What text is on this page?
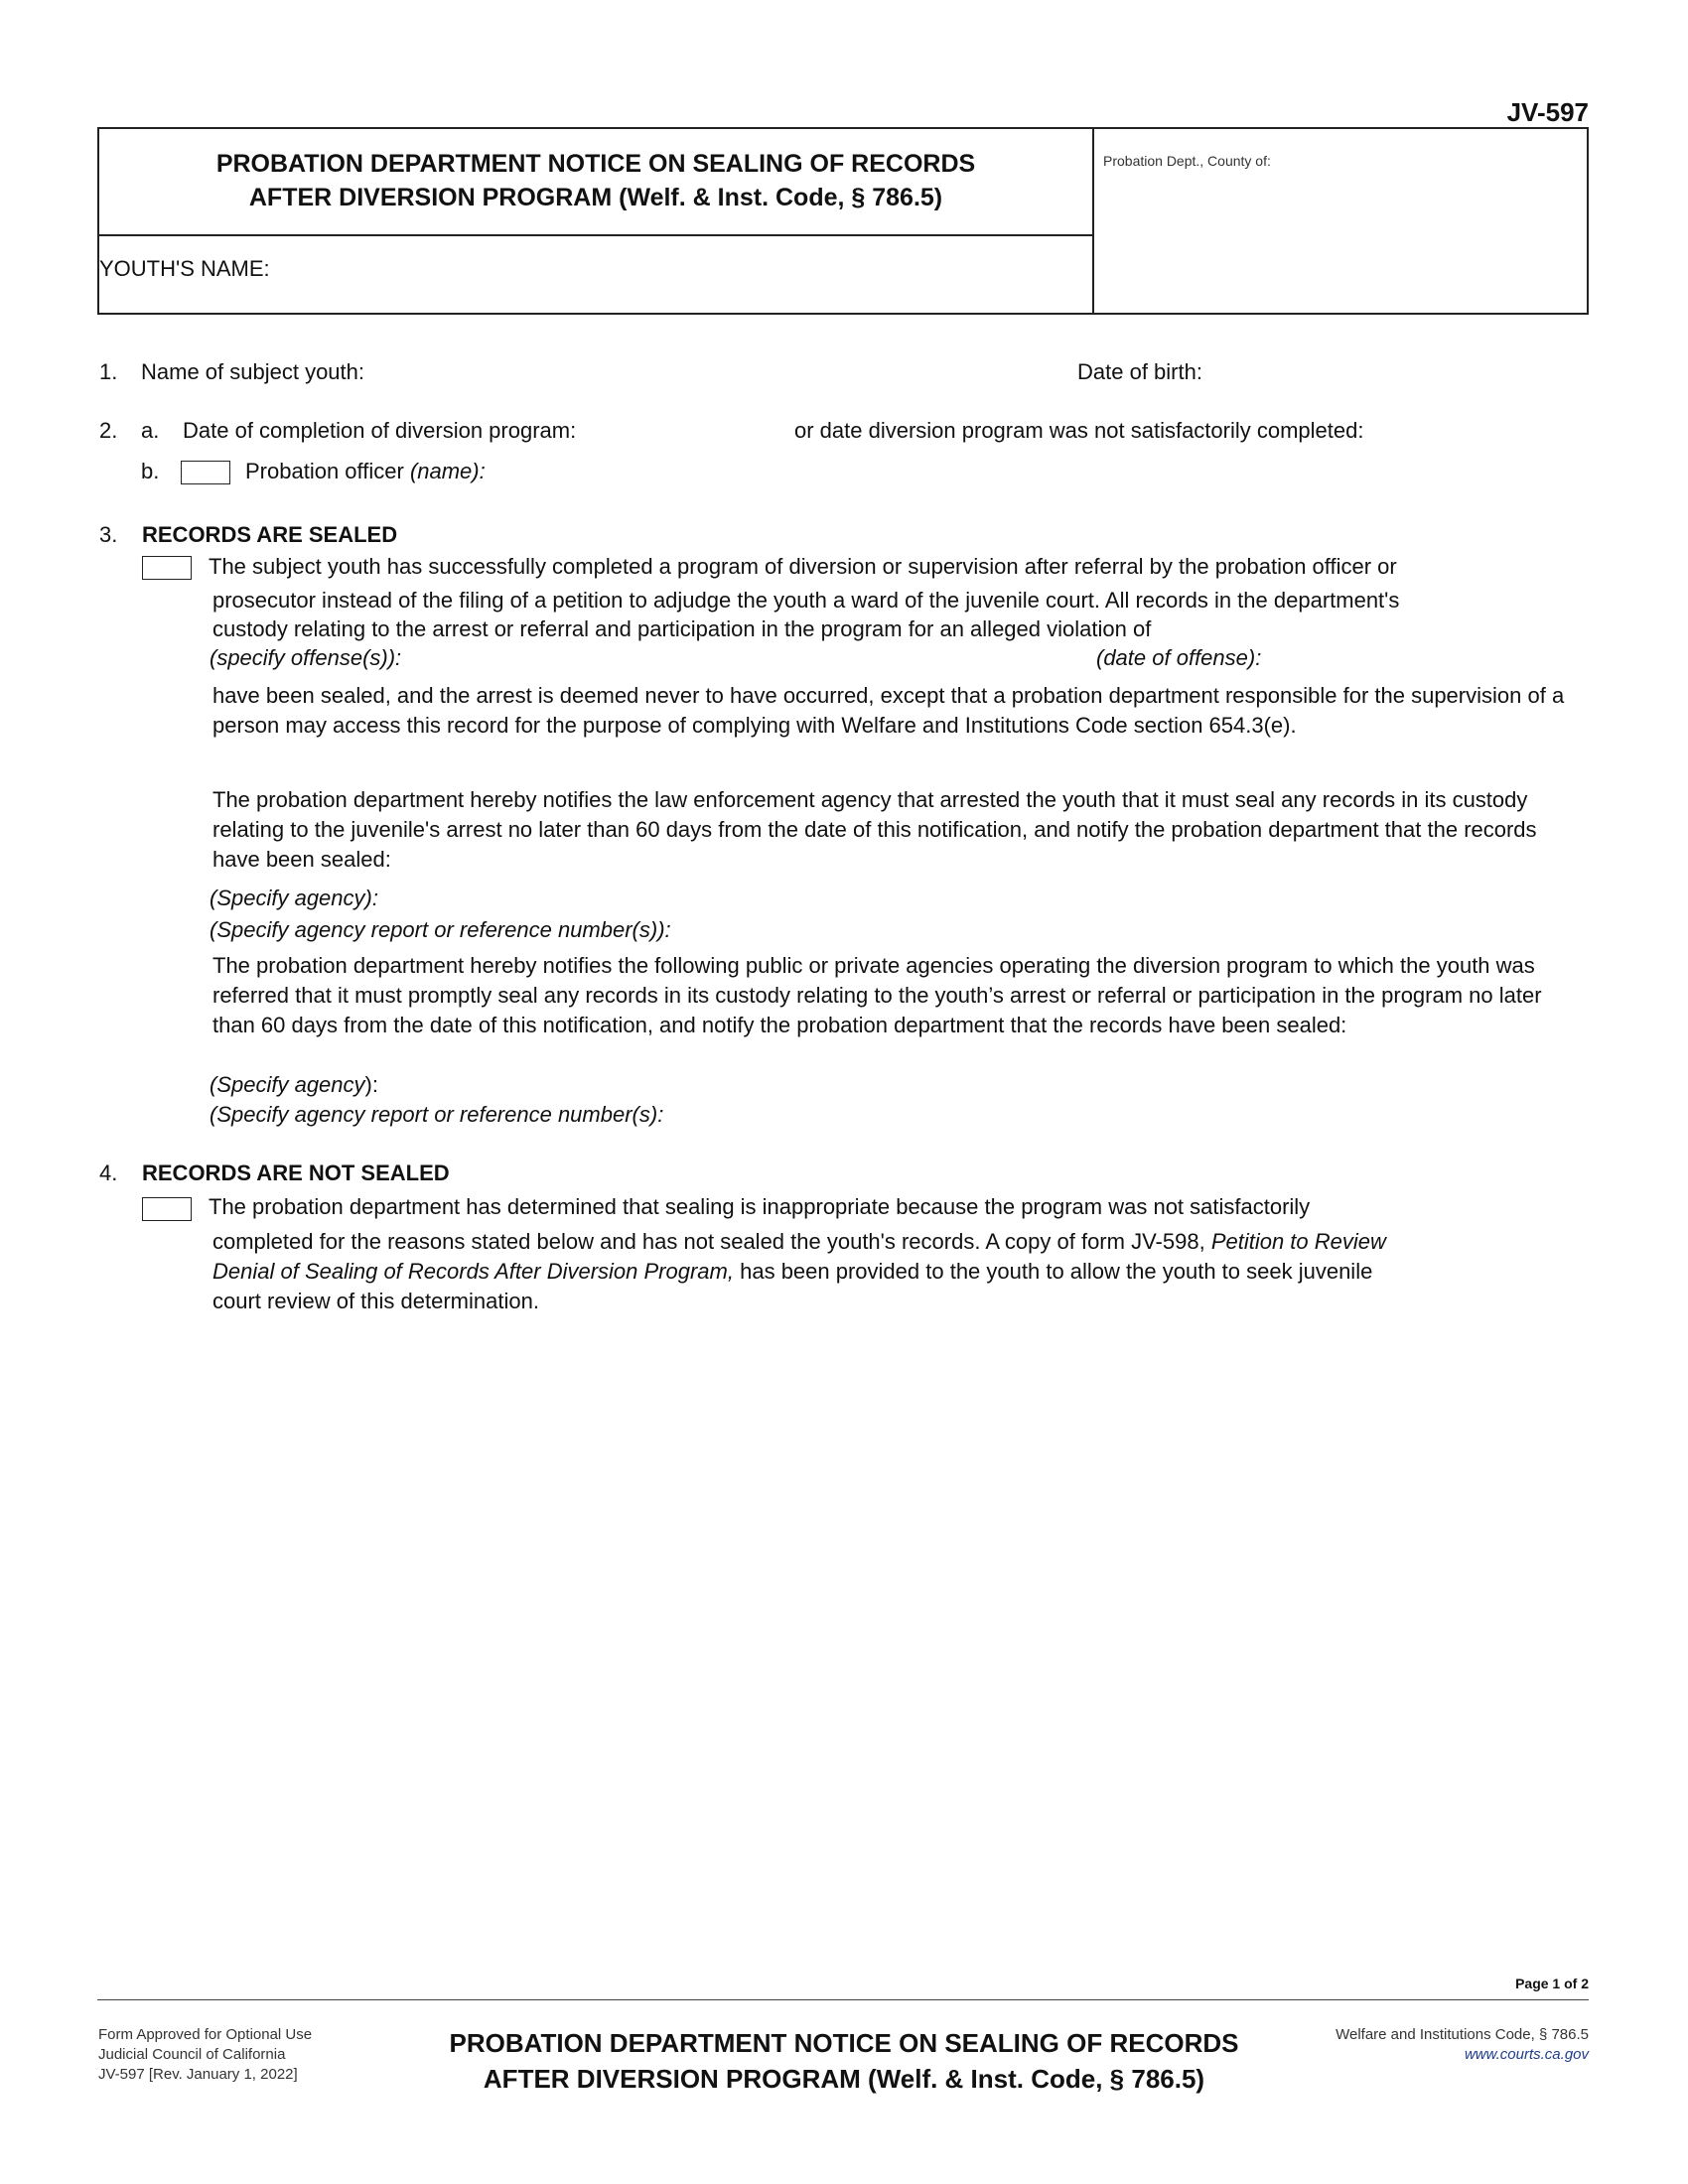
JV-597
PROBATION DEPARTMENT NOTICE ON SEALING OF RECORDS
AFTER DIVERSION PROGRAM (Welf. & Inst. Code, § 786.5)
Probation Dept., County of:
YOUTH'S NAME:
1. Name of subject youth:	Date of birth:
2. a. Date of completion of diversion program:	or date diversion program was not satisfactorily completed:
b.	Probation officer (name):
3. RECORDS ARE SEALED
The subject youth has successfully completed a program of diversion or supervision after referral by the probation officer or
prosecutor instead of the filing of a petition to adjudge the youth a ward of the juvenile court. All records in the department's
custody relating to the arrest or referral and participation in the program for an alleged violation of
(specify offense(s)):	(date of offense):
have been sealed, and the arrest is deemed never to have occurred, except that a probation department responsible for the supervision of a person may access this record for the purpose of complying with Welfare and Institutions Code section 654.3(e).
The probation department hereby notifies the law enforcement agency that arrested the youth that it must seal any records in its custody relating to the juvenile's arrest no later than 60 days from the date of this notification, and notify the probation department that the records have been sealed:
(Specify agency):
(Specify agency report or reference number(s)):
The probation department hereby notifies the following public or private agencies operating the diversion program to which the youth was referred that it must promptly seal any records in its custody relating to the youth’s arrest or referral or participation in the program no later than 60 days from the date of this notification, and notify the probation department that the records have been sealed:
(Specify agency):
(Specify agency report or reference number(s):
4. RECORDS ARE NOT SEALED
The probation department has determined that sealing is inappropriate because the program was not satisfactorily
completed for the reasons stated below and has not sealed the youth's records. A copy of form JV-598, Petition to Review
Denial of Sealing of Records After Diversion Program, has been provided to the youth to allow the youth to seek juvenile
court review of this determination.
Page 1 of 2
Form Approved for Optional Use
Judicial Council of California
JV-597 [Rev. January 1, 2022]
PROBATION DEPARTMENT NOTICE ON SEALING OF RECORDS
AFTER DIVERSION PROGRAM (Welf. & Inst. Code, § 786.5)
Welfare and Institutions Code, § 786.5
www.courts.ca.gov
